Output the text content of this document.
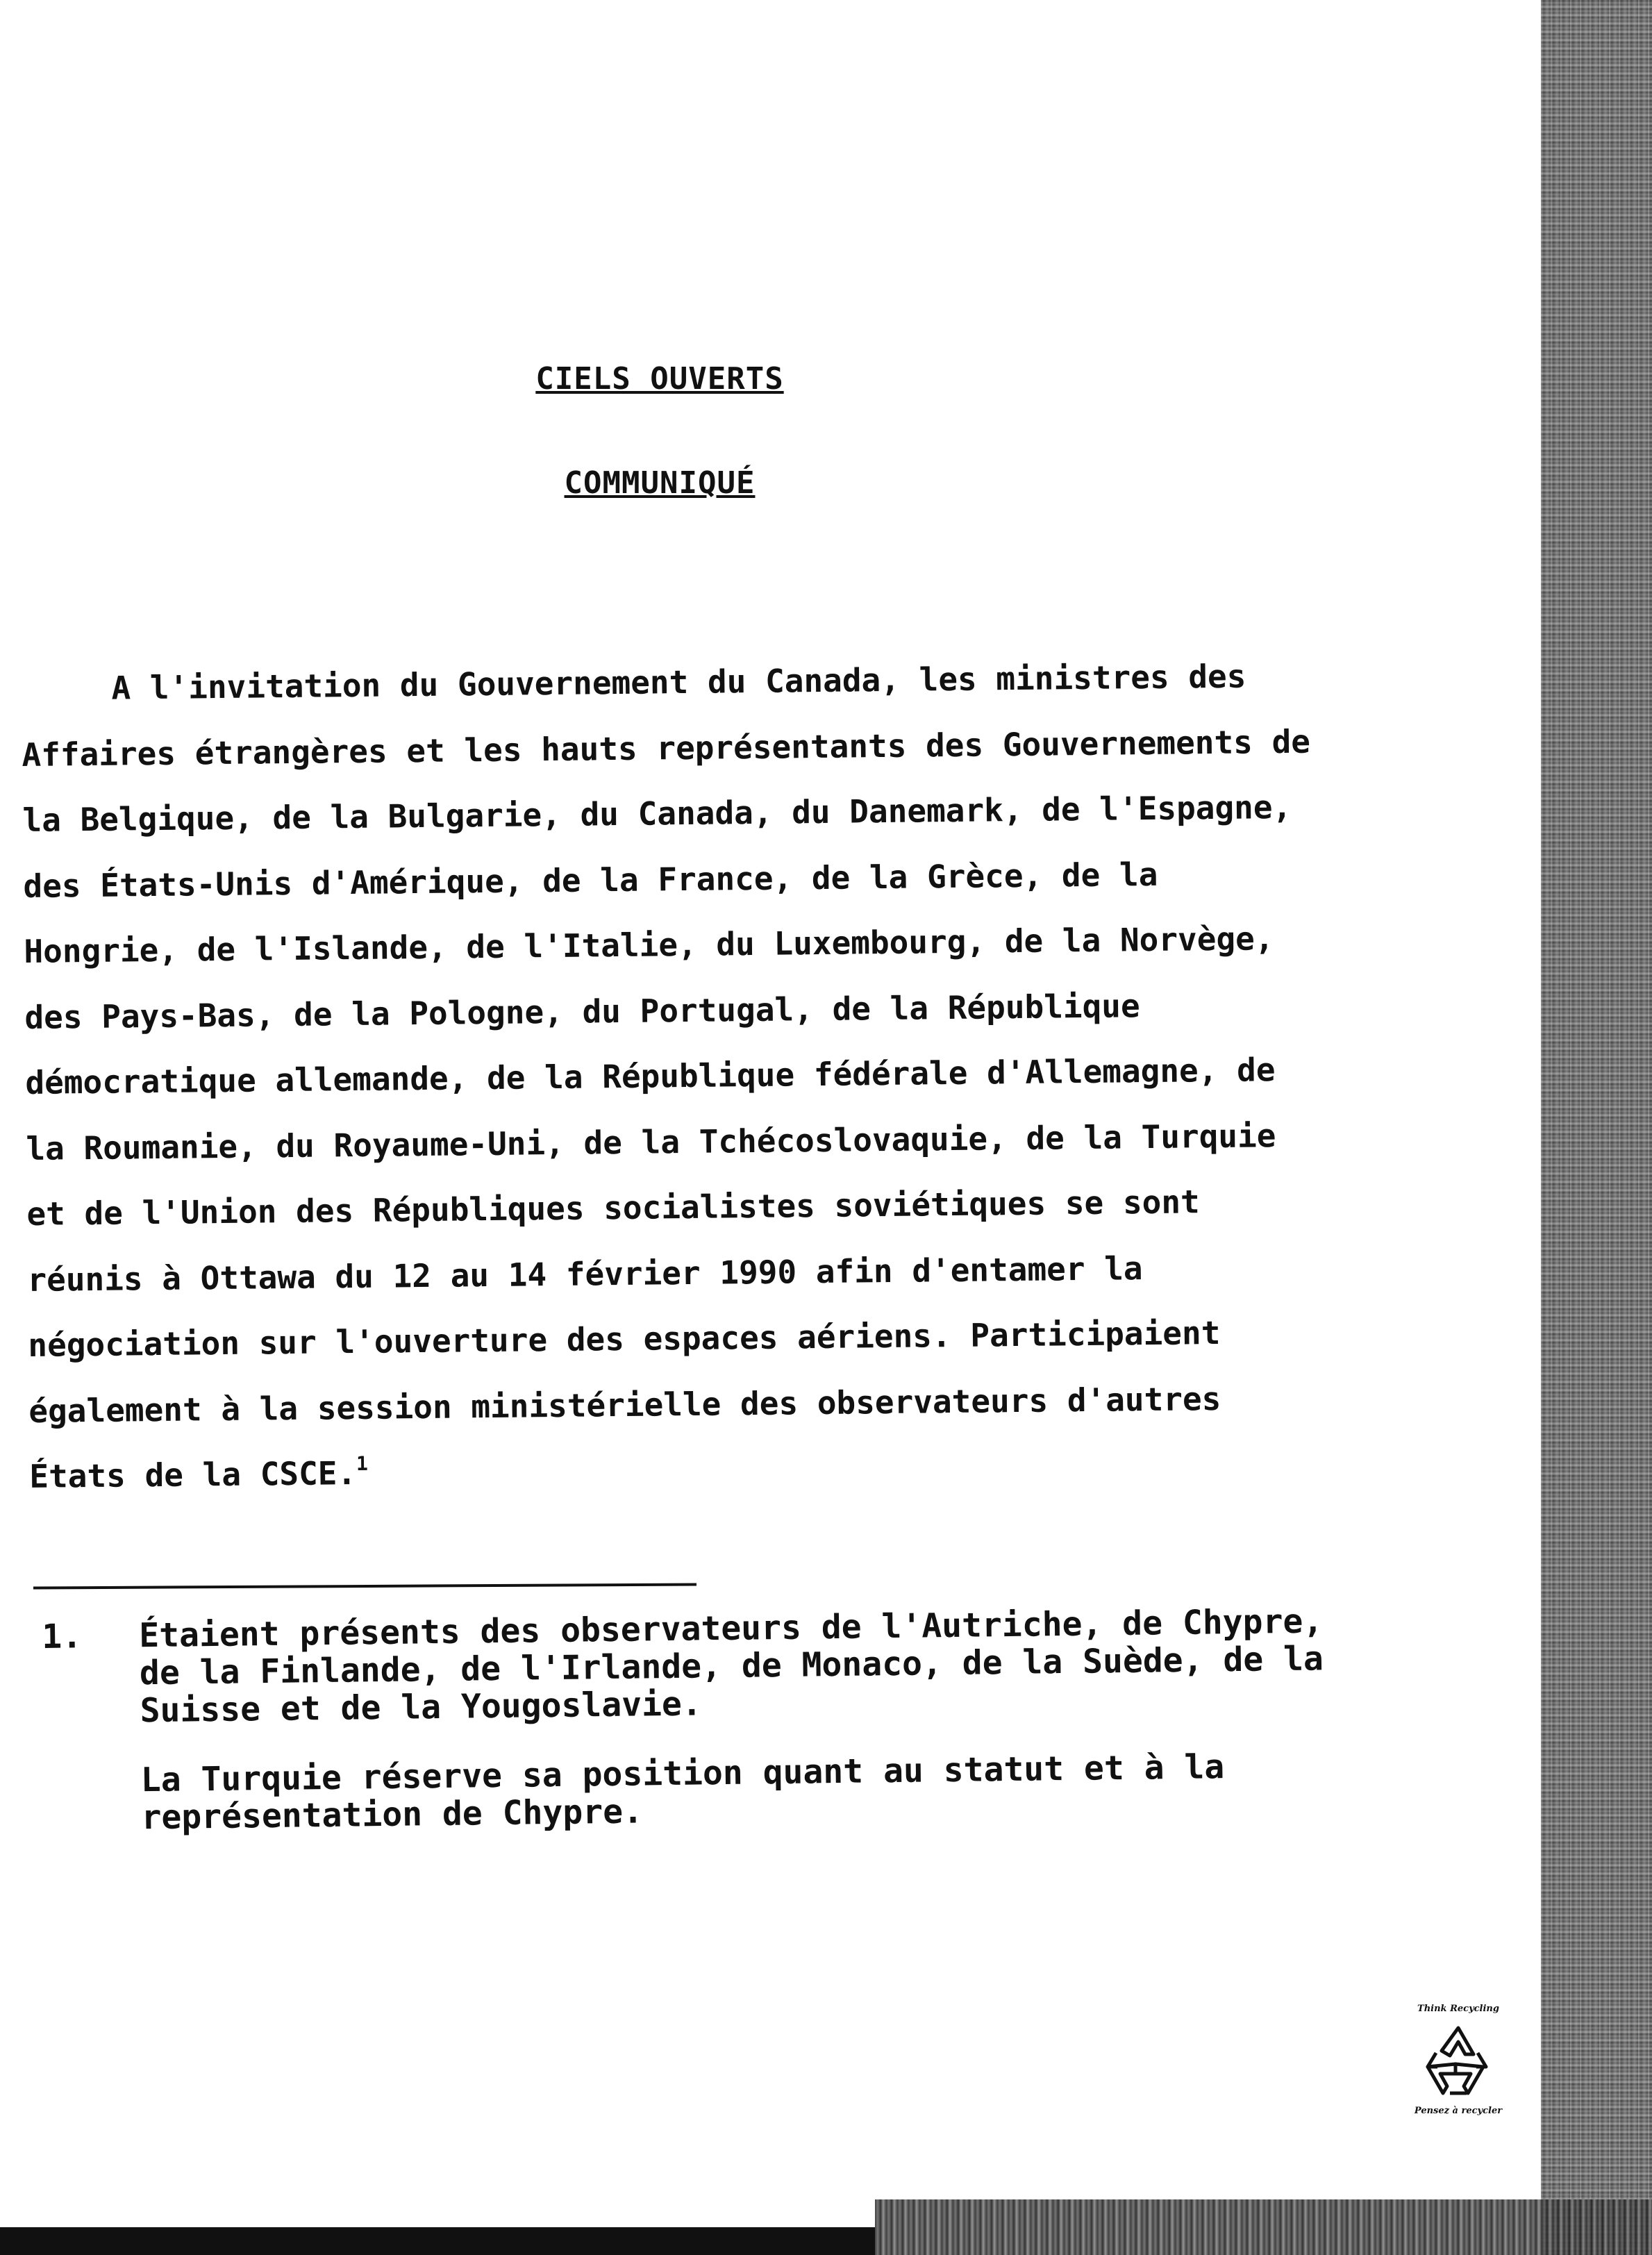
CIELS OUVERTS
COMMUNIQUÉ

A l'invitation du Gouvernement du Canada, les ministres des Affaires étrangères et les hauts représentants des Gouvernements de la Belgique, de la Bulgarie, du Canada, du Danemark, de l'Espagne, des États-Unis d'Amérique, de la France, de la Grèce, de la Hongrie, de l'Islande, de l'Italie, du Luxembourg, de la Norvège, des Pays-Bas, de la Pologne, du Portugal, de la République démocratique allemande, de la République fédérale d'Allemagne, de la Roumanie, du Royaume-Uni, de la Tchécoslovaquie, de la Turquie et de l'Union des Républiques socialistes soviétiques se sont réunis à Ottawa du 12 au 14 février 1990 afin d'entamer la négociation sur l'ouverture des espaces aériens. Participaient également à la session ministérielle des observateurs d'autres États de la CSCE.$^1$

1.	Étaient présents des observateurs de l'Autriche, de Chypre, de la Finlande, de l'Irlande, de Monaco, de la Suède, de la Suisse et de la Yougoslavie.

La Turquie réserve sa position quant au statut et à la représentation de Chypre.

Think Recycling
Pensez à recycler
